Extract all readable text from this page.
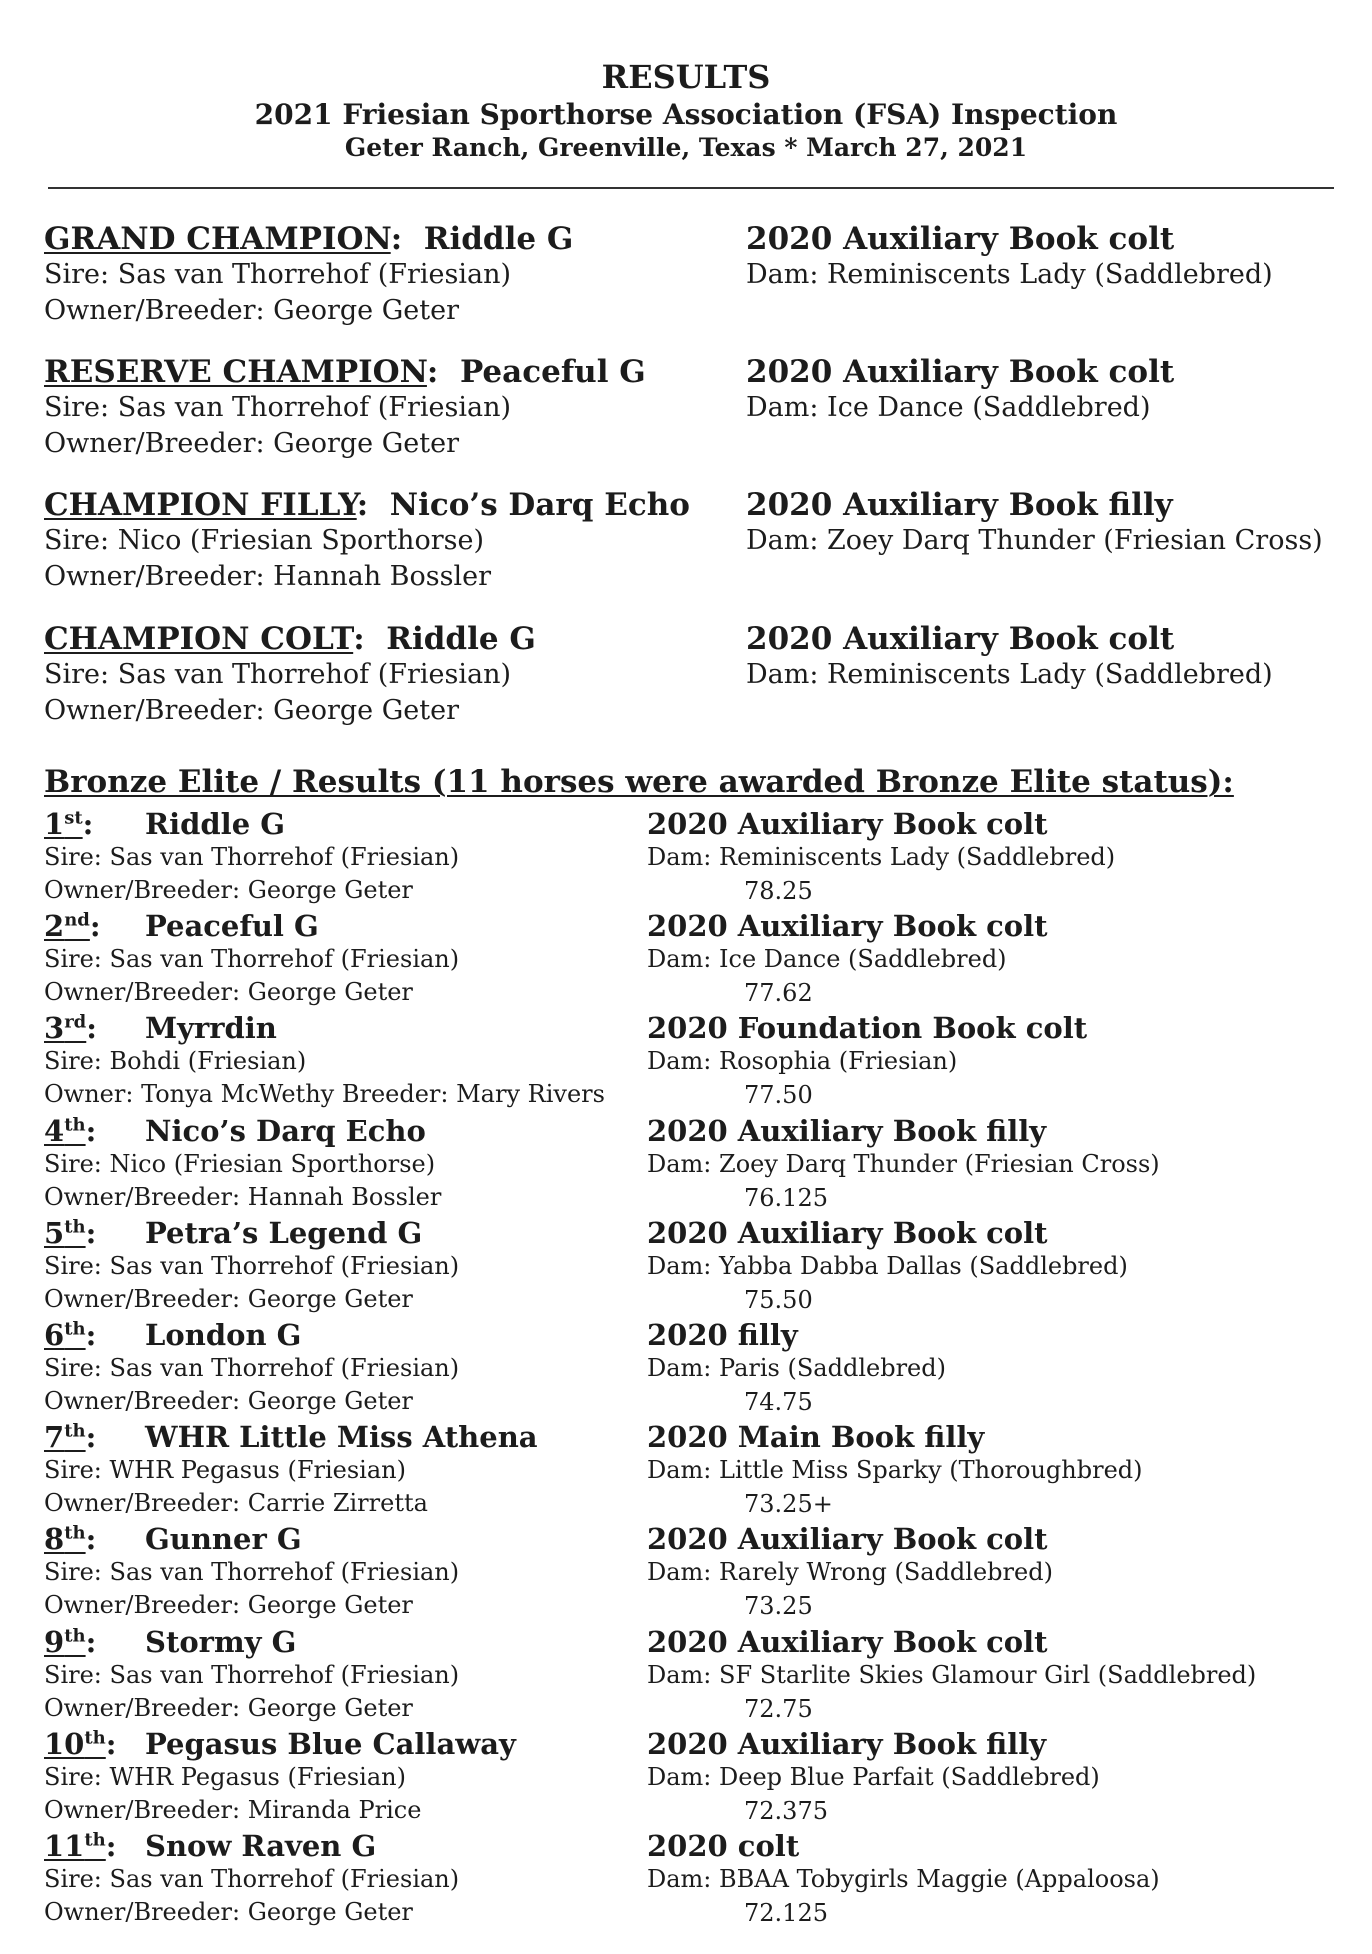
RESULTS
2021 Friesian Sporthorse Association (FSA) Inspection
Geter Ranch, Greenville, Texas * March 27, 2021
GRAND CHAMPION:  Riddle G
Sire: Sas van Thorrehof (Friesian)
Owner/Breeder: George Geter
2020 Auxiliary Book colt
Dam: Reminiscents Lady (Saddlebred)
RESERVE CHAMPION:  Peaceful G
Sire: Sas van Thorrehof (Friesian)
Owner/Breeder: George Geter
2020 Auxiliary Book colt
Dam: Ice Dance (Saddlebred)
CHAMPION FILLY:  Nico’s Darq Echo
Sire: Nico (Friesian Sporthorse)
Owner/Breeder: Hannah Bossler
2020 Auxiliary Book filly
Dam: Zoey Darq Thunder (Friesian Cross)
CHAMPION COLT:  Riddle G
Sire: Sas van Thorrehof (Friesian)
Owner/Breeder: George Geter
2020 Auxiliary Book colt
Dam: Reminiscents Lady (Saddlebred)
Bronze Elite / Results (11 horses were awarded Bronze Elite status):
1st: Riddle G
Sire: Sas van Thorrehof (Friesian)
Owner/Breeder: George Geter
2020 Auxiliary Book colt
Dam: Reminiscents Lady (Saddlebred)
78.25
2nd: Peaceful G
Sire: Sas van Thorrehof (Friesian)
Owner/Breeder: George Geter
2020 Auxiliary Book colt
Dam: Ice Dance (Saddlebred)
77.62
3rd: Myrrdin
Sire: Bohdi (Friesian)
Owner: Tonya McWethy Breeder: Mary Rivers
2020 Foundation Book colt
Dam: Rosophia (Friesian)
77.50
4th: Nico’s Darq Echo
Sire: Nico (Friesian Sporthorse)
Owner/Breeder: Hannah Bossler
2020 Auxiliary Book filly
Dam: Zoey Darq Thunder (Friesian Cross)
76.125
5th: Petra’s Legend G
Sire: Sas van Thorrehof (Friesian)
Owner/Breeder: George Geter
2020 Auxiliary Book colt
Dam: Yabba Dabba Dallas (Saddlebred)
75.50
6th: London G
Sire: Sas van Thorrehof (Friesian)
Owner/Breeder: George Geter
2020 filly
Dam: Paris (Saddlebred)
74.75
7th: WHR Little Miss Athena
Sire: WHR Pegasus (Friesian)
Owner/Breeder: Carrie Zirretta
2020 Main Book filly
Dam: Little Miss Sparky (Thoroughbred)
73.25+
8th: Gunner G
Sire: Sas van Thorrehof (Friesian)
Owner/Breeder: George Geter
2020 Auxiliary Book colt
Dam: Rarely Wrong (Saddlebred)
73.25
9th: Stormy G
Sire: Sas van Thorrehof (Friesian)
Owner/Breeder: George Geter
2020 Auxiliary Book colt
Dam: SF Starlite Skies Glamour Girl (Saddlebred)
72.75
10th: Pegasus Blue Callaway
Sire: WHR Pegasus (Friesian)
Owner/Breeder: Miranda Price
2020 Auxiliary Book filly
Dam: Deep Blue Parfait (Saddlebred)
72.375
11th: Snow Raven G
Sire: Sas van Thorrehof (Friesian)
Owner/Breeder: George Geter
2020 colt
Dam: BBAA Tobygirls Maggie (Appaloosa)
72.125
